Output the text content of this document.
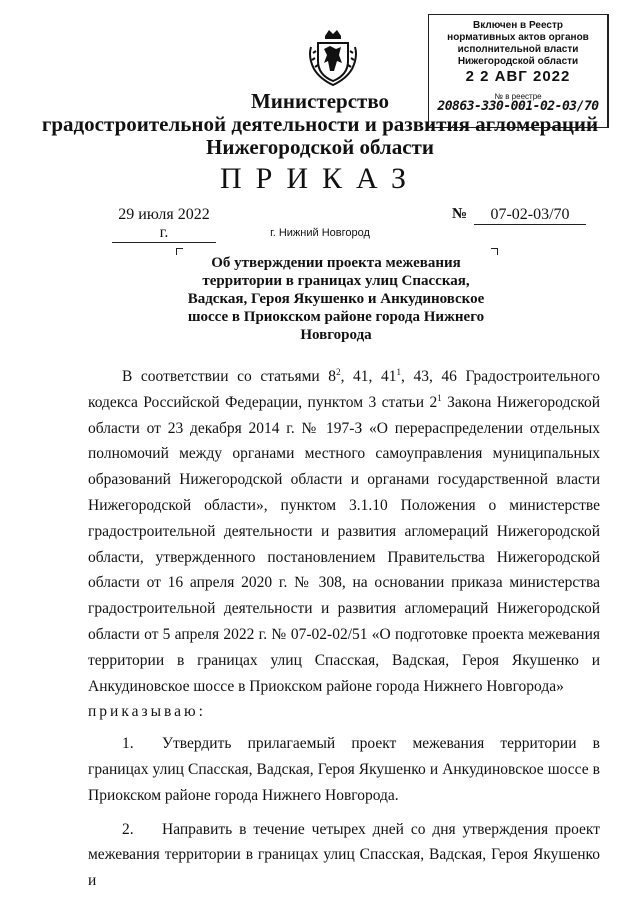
Включен в Реестр
нормативных актов органов
исполнительной власти
Нижегородской области
2 2 АВГ 2022
№ в реестре
20863-330-001-02-03/70
Министерство
градостроительной деятельности и развития агломераций
Нижегородской области
ПРИКАЗ
29 июля 2022 г.
№	07-02-03/70
г. Нижний Новгород
Об утверждении проекта межевания
территории в границах улиц Спасская,
Вадская, Героя Якушенко и Анкудиновское
шоссе в Приокском районе города Нижнего
Новгорода

В соответствии со статьями $8^2$, 41, $41^1$, 43, 46 Градостроительного кодекса Российской Федерации, пунктом 3 статьи $2^1$ Закона Нижегородской области от 23 декабря 2014 г. № 197-З «О перераспределении отдельных полномочий между органами местного самоуправления муниципальных образований Нижегородской области и органами государственной власти Нижегородской области», пунктом 3.1.10 Положения о министерстве градостроительной деятельности и развития агломераций Нижегородской области, утвержденного постановлением Правительства Нижегородской области от 16 апреля 2020 г. № 308, на основании приказа министерства градостроительной деятельности и развития агломераций Нижегородской области от 5 апреля 2022 г. № 07-02-02/51 «О подготовке проекта межевания территории в границах улиц Спасская, Вадская, Героя Якушенко и Анкудиновское шоссе в Приокском районе города Нижнего Новгорода»

приказываю:

1. Утвердить прилагаемый проект межевания территории в границах улиц Спасская, Вадская, Героя Якушенко и Анкудиновское шоссе в Приокском районе города Нижнего Новгорода.

2. Направить в течение четырех дней со дня утверждения проект межевания территории в границах улиц Спасская, Вадская, Героя Якушенко и
